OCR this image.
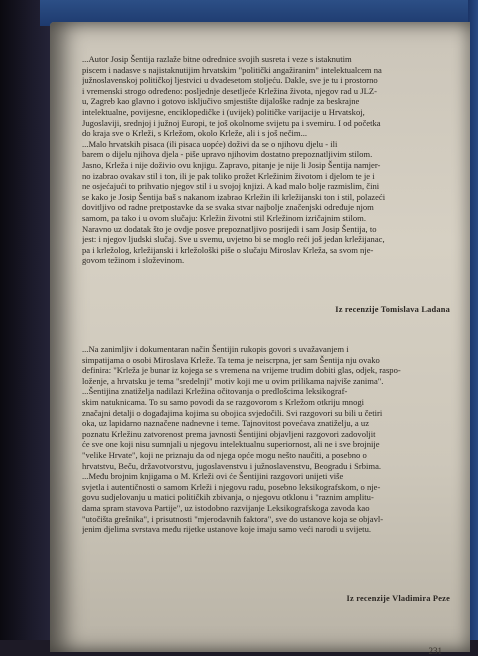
...Autor Josip Šentija razlaže bitne odrednice svojih susreta i veze s istaknutim
piscem i nadasve s najistaknutijim hrvatskim "politički angažiranim" intelektualcem na
južnoslavenskoj političkoj ljestvici u dvadesetom stoljeću. Dakle, sve je tu i prostorno
i vremenski strogo određeno: posljednje desetljeće Krležina života, njegov rad u JLZ-
u, Zagreb kao glavno i gotovo isključivo smjestište dijaloške radnje za beskrajne
intelektualne, povijesne, enciklopedičke i (uvijek) političke varijacije u Hrvatskoj,
Jugoslaviji, srednjoj i južnoj Europi, te još okolnome svijetu pa i svemiru. I od početka
do kraja sve o Krleži, s Krležom, okolo Krleže, ali i s još nečim...
...Malo hrvatskih pisaca (ili pisaca uopće) doživi da se o njihovu djelu - ili
barem o dijelu njihova djela - piše upravo njihovim dostatno prepoznatljivim stilom.
Jasno, Krleža i nije doživio ovu knjigu. Zapravo, pitanje je nije li Josip Šentija namjer-
no izabrao ovakav stil i ton, ili je pak toliko prožet Krležinim životom i djelom te je i
ne osjećajući to prihvatio njegov stil i u svojoj knjizi. A kad malo bolje razmislim, čini
se kako je Josip Šentija baš s nakanom izabrao Krležin ili krležijanski ton i stil, polazeći
dovitljivo od radne pretpostavke da se svaka stvar najbolje značenjski određuje njom
samom, pa tako i u ovom slučaju: Krležin životni stil Krležinom izričajnim stilom.
Naravno uz dodatak što je ovdje posve prepoznatljivo posrijedi i sam Josip Šentija, to
jest: i njegov ljudski slučaj. Sve u svemu, uvjetno bi se moglo reći još jedan krležijanac,
pa i krležolog, krležijanski i krležološki piše o slučaju Miroslav Krleža, sa svom nje-
govom težinom i složevinom.
Iz recenzije Tomislava Ladana
...Na zanimljiv i dokumentaran način Šentijin rukopis govori s uvažavanjem i
simpatijama o osobi Miroslava Krleže. Ta tema je neiscrpna, jer sam Šentija nju ovako
definira: "Krleža je bunar iz kojega se s vremena na vrijeme trudim dobiti glas, odjek, raspo-
loženje, a hrvatsku je tema "sredelnji" motiv koji me u ovim prilikama najviše zanima".
...Šentijina znatiželja nadilazi Krležina očitovanja o predlošcima leksikograf-
skim natuknicama. To su samo povodi da se razgovorom s Krležom otkriju mnogi
značajni detalji o događajima kojima su obojica svjedočili. Svi razgovori su bili u četiri
oka, uz lapidarno naznačene nadnevne i teme. Tajnovitost povećava znatiželju, a uz
poznatu Krležinu zatvorenost prema javnosti Šentijini objavljeni razgovori zadovoljit
će sve one koji nisu sumnjali u njegovu intelektualnu superiornost, ali ne i sve brojnije
"velike Hrvate", koji ne priznaju da od njega opće mogu nešto naučiti, a posebno o
hrvatstvu, Beču, državotvorstvu, jugoslavenstvu i južnoslavenstvu, Beogradu i Srbima.
...Među brojnim knjigama o M. Krleži ovi će Šentijini razgovori unijeti više
svjetla i autentičnosti o samom Krleži i njegovu radu, posebno leksikografskom, o nje-
govu sudjelovanju u matici političkih zbivanja, o njegovu otklonu i "raznim amplitu-
dama spram stavova Partije", uz istodobno razvijanje Leksikografskoga zavoda kao
"utočišta grešnika", i prisutnosti "mjerodavnih faktora", sve do ustanove koja se objavl-
jenim djelima svrstava među rijetke ustanove koje imaju samo veći narodi u svijetu.
Iz recenzije Vladimira Peze
231
